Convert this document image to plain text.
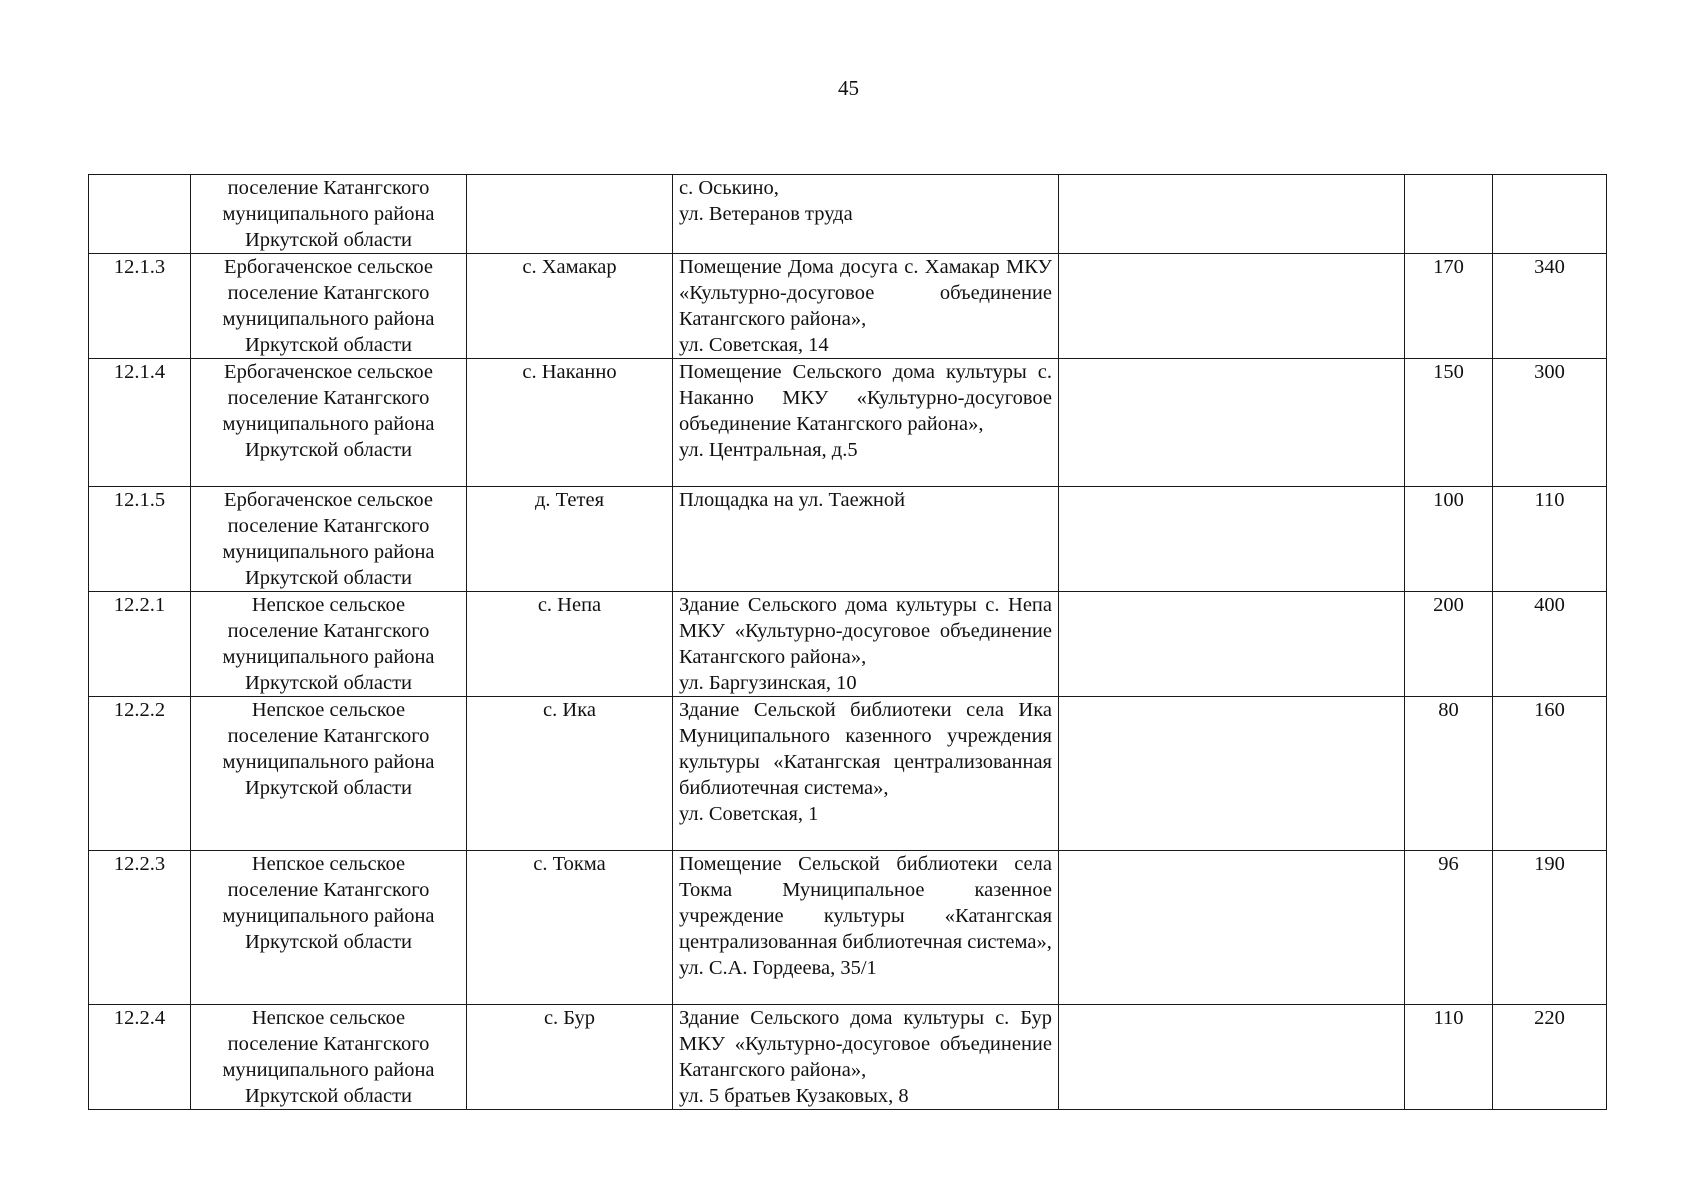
45

	поселение Катангского
муниципального района
Иркутской области		с. Оськино,
ул. Ветеранов труда			

12.1.3	Ербогаченское сельское
поселение Катангского
муниципального района
Иркутской области	с. Хамакар	Помещение Дома досуга с. Хамакар МКУ «Культурно-досуговое объединение Катангского района»,
ул. Советская, 14		170	340
12.1.4	Ербогаченское сельское
поселение Катангского
муниципального района
Иркутской области	с. Наканно	Помещение Сельского дома культуры с. Наканно МКУ «Культурно-досуговое объединение Катангского района»,
ул. Центральная, д.5		150	300
12.1.5	Ербогаченское сельское
поселение Катангского
муниципального района
Иркутской области	д. Тетея	Площадка на ул. Таежной		100	110
12.2.1	Непское сельское
поселение Катангского
муниципального района
Иркутской области	с. Непа	Здание Сельского дома культуры с. Непа МКУ «Культурно-досуговое объединение Катангского района»,
ул. Баргузинская, 10		200	400
12.2.2	Непское сельское
поселение Катангского
муниципального района
Иркутской области	с. Ика	Здание Сельской библиотеки села Ика Муниципального казенного учреждения культуры «Катангская централизованная библиотечная система»,
ул. Советская, 1		80	160
12.2.3	Непское сельское
поселение Катангского
муниципального района
Иркутской области	с. Токма	Помещение Сельской библиотеки села Токма Муниципальное казенное учреждение культуры «Катангская централизованная библиотечная система»,
ул. С.А. Гордеева, 35/1		96	190
12.2.4	Непское сельское
поселение Катангского
муниципального района
Иркутской области	с. Бур	Здание Сельского дома культуры с. Бур МКУ «Культурно-досуговое объединение Катангского района»,
ул. 5 братьев Кузаковых, 8		110	220
